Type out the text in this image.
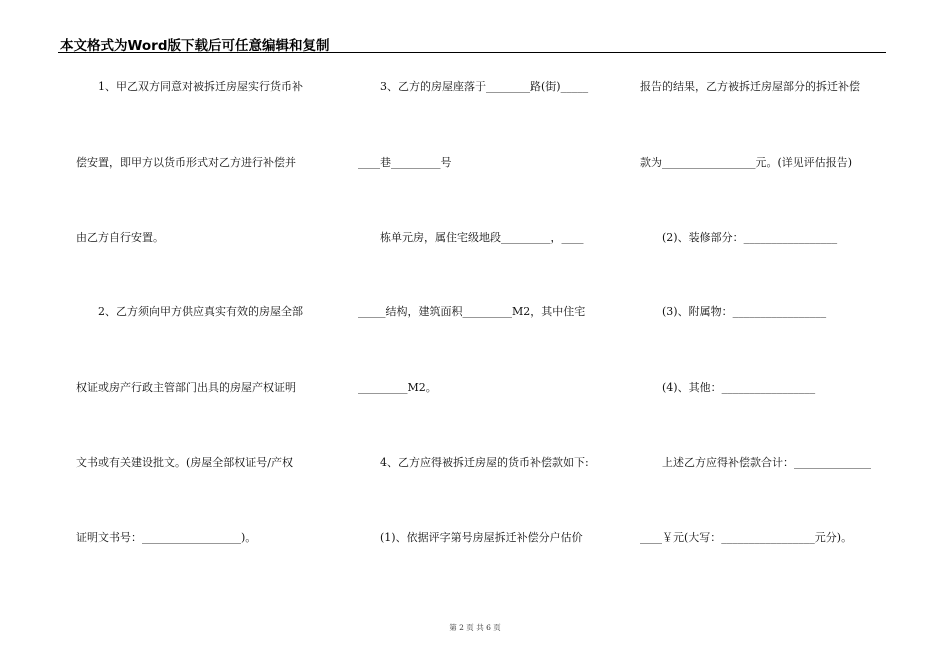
本文格式为Word版下载后可任意编辑和复制
1、甲乙双方同意对被拆迁房屋实行货币补
偿安置，即甲方以货币形式对乙方进行补偿并
由乙方自行安置。
2、乙方须向甲方供应真实有效的房屋全部
权证或房产行政主管部门出具的房屋产权证明
文书或有关建设批文。(房屋全部权证号/产权
证明文书号：__________________)。
3、乙方的房屋座落于________路(街)_____
____巷_________号
栋单元房，属住宅级地段_________，____
_____结构，建筑面积_________M2，其中住宅
_________M2。
4、乙方应得被拆迁房屋的货币补偿款如下:
(1)、依据评字第号房屋拆迁补偿分户估价
报告的结果，乙方被拆迁房屋部分的拆迁补偿
款为_________________元。(详见评估报告)
(2)、装修部分：_________________
(3)、附属物：_________________
(4)、其他：_________________
上述乙方应得补偿款合计：______________
____￥元(大写：_________________元分)。
第 2 页 共 6 页
